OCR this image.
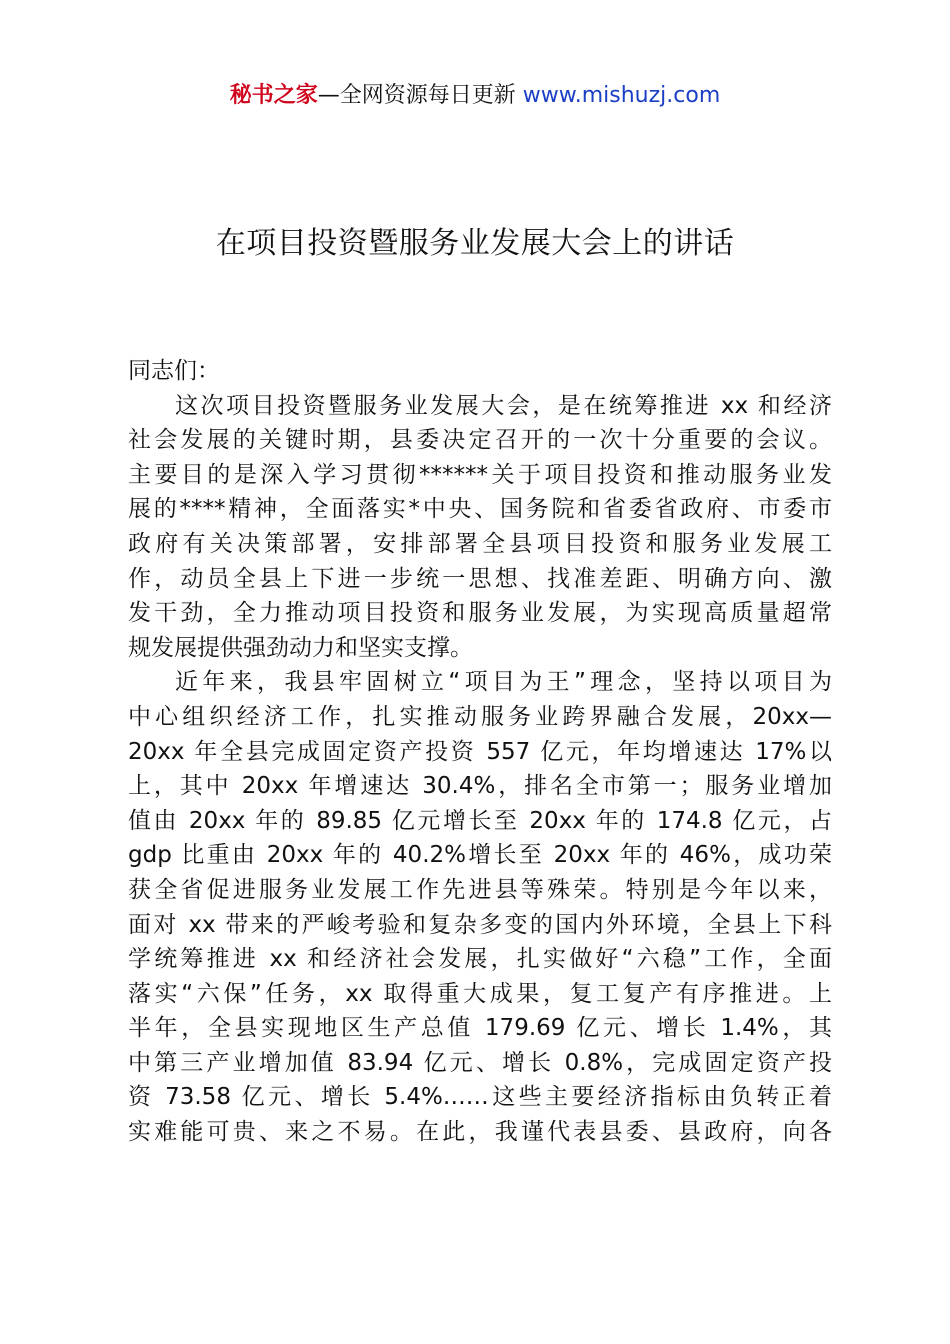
秘书之家—全网资源每日更新 www.mishuzj.com
在项目投资暨服务业发展大会上的讲话
同志们：
这次项目投资暨服务业发展大会，是在统筹推进 xx 和经济
社会发展的关键时期，县委决定召开的一次十分重要的会议。
主要目的是深入学习贯彻******关于项目投资和推动服务业发
展的****精神，全面落实*中央、国务院和省委省政府、市委市
政府有关决策部署，安排部署全县项目投资和服务业发展工
作，动员全县上下进一步统一思想、找准差距、明确方向、激
发干劲，全力推动项目投资和服务业发展，为实现高质量超常
规发展提供强劲动力和坚实支撑。
近年来，我县牢固树立“项目为王”理念，坚持以项目为
中心组织经济工作，扎实推动服务业跨界融合发展，20xx—
20xx 年全县完成固定资产投资 557 亿元，年均增速达 17%以
上，其中 20xx 年增速达 30.4%，排名全市第一；服务业增加
值由 20xx 年的 89.85 亿元增长至 20xx 年的 174.8 亿元，占
gdp 比重由 20xx 年的 40.2%增长至 20xx 年的 46%，成功荣
获全省促进服务业发展工作先进县等殊荣。特别是今年以来，
面对 xx 带来的严峻考验和复杂多变的国内外环境，全县上下科
学统筹推进 xx 和经济社会发展，扎实做好“六稳”工作，全面
落实“六保”任务，xx 取得重大成果，复工复产有序推进。上
半年，全县实现地区生产总值 179.69 亿元、增长 1.4%，其
中第三产业增加值 83.94 亿元、增长 0.8%，完成固定资产投
资 73.58 亿元、增长 5.4%……这些主要经济指标由负转正着
实难能可贵、来之不易。在此，我谨代表县委、县政府，向各
